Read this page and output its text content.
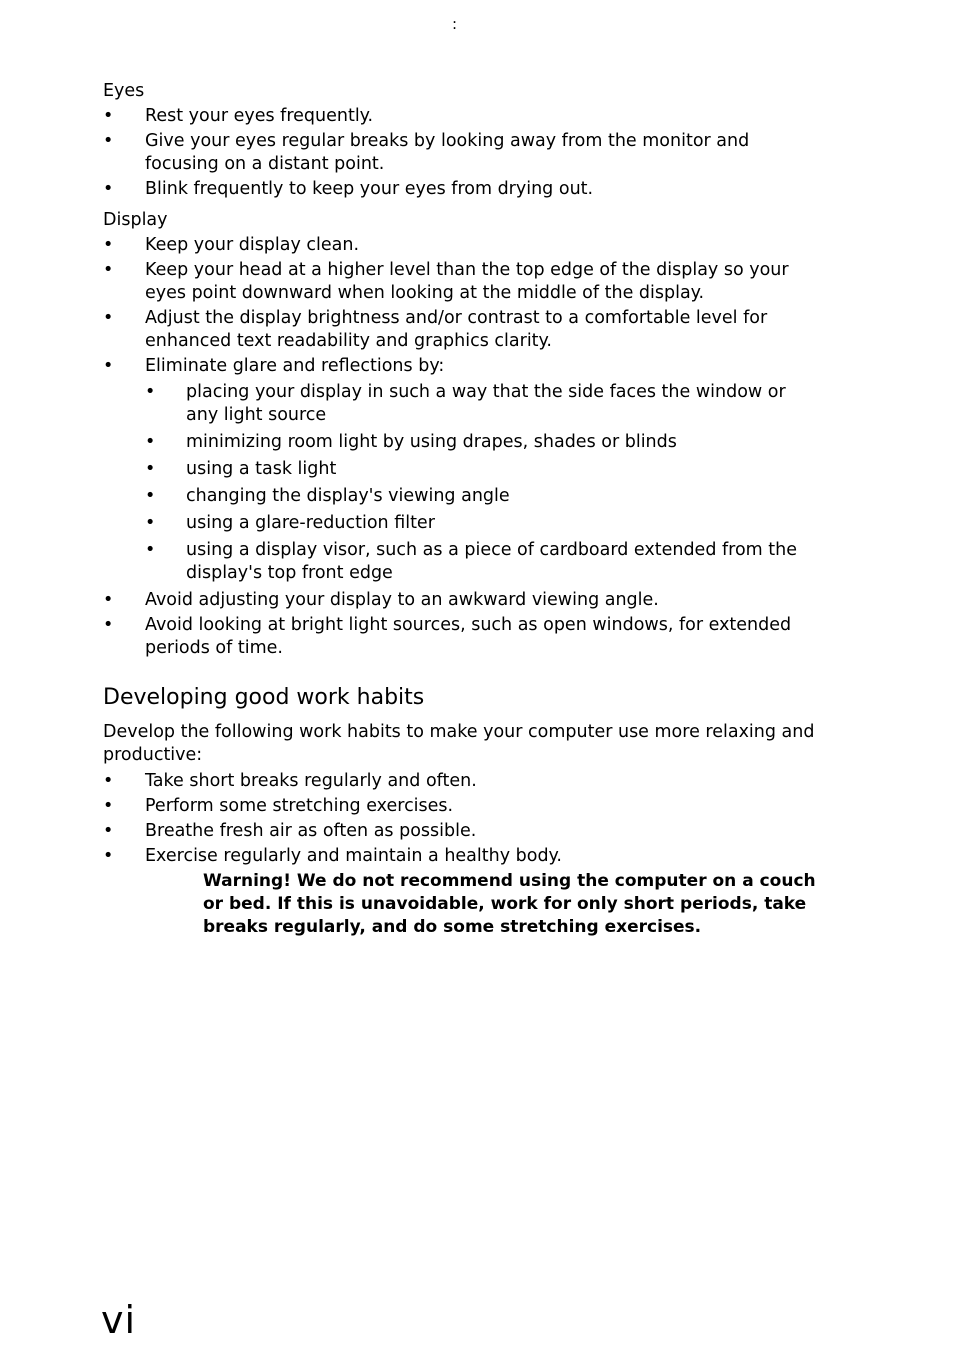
:
Eyes
• Rest your eyes frequently.
• Give your eyes regular breaks by looking away from the monitor and focusing on a distant point.
• Blink frequently to keep your eyes from drying out.
Display
• Keep your display clean.
• Keep your head at a higher level than the top edge of the display so your eyes point downward when looking at the middle of the display.
• Adjust the display brightness and/or contrast to a comfortable level for enhanced text readability and graphics clarity.
• Eliminate glare and reflections by:
• placing your display in such a way that the side faces the window or any light source
• minimizing room light by using drapes, shades or blinds
• using a task light
• changing the display's viewing angle
• using a glare-reduction filter
• using a display visor, such as a piece of cardboard extended from the display's top front edge
• Avoid adjusting your display to an awkward viewing angle.
• Avoid looking at bright light sources, such as open windows, for extended periods of time.
Developing good work habits
Develop the following work habits to make your computer use more relaxing and productive:
• Take short breaks regularly and often.
• Perform some stretching exercises.
• Breathe fresh air as often as possible.
• Exercise regularly and maintain a healthy body.
Warning! We do not recommend using the computer on a couch or bed. If this is unavoidable, work for only short periods, take breaks regularly, and do some stretching exercises.
vi
